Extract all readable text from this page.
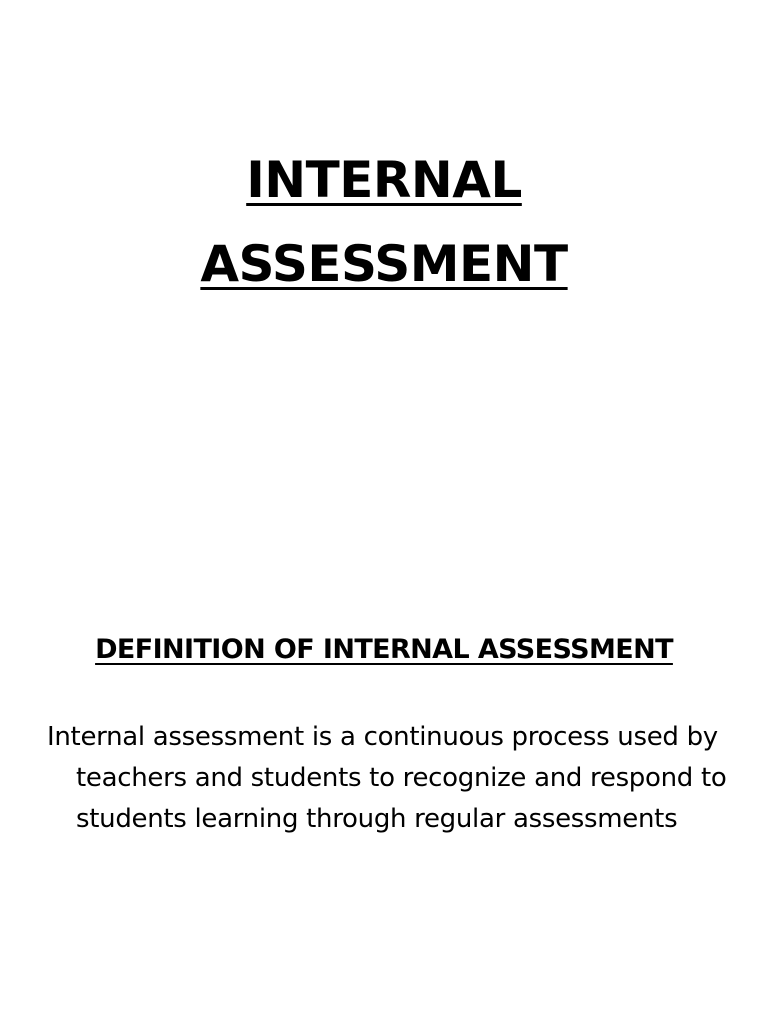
INTERNAL
ASSESSMENT
DEFINITION OF INTERNAL ASSESSMENT
Internal assessment is a continuous process used by teachers and students to recognize and respond to students learning through regular assessments
